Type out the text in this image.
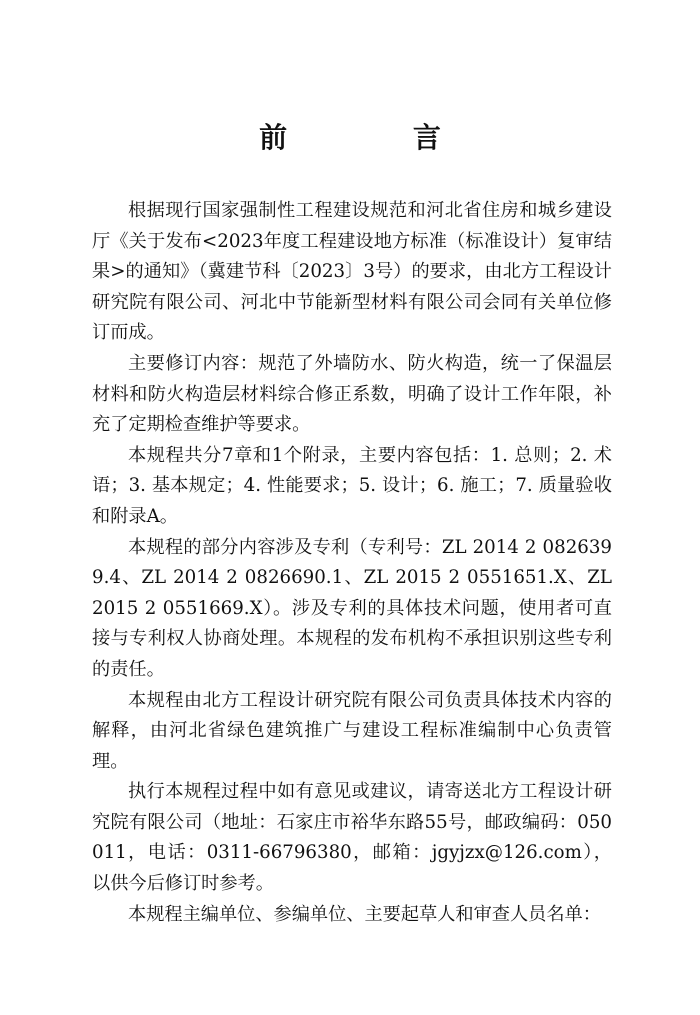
前 言

根据现行国家强制性工程建设规范和河北省住房和城乡建设厅《关于发布<2023年度工程建设地方标准（标准设计）复审结果>的通知》（冀建节科〔2023〕3号）的要求，由北方工程设计研究院有限公司、河北中节能新型材料有限公司会同有关单位修订而成。

主要修订内容：规范了外墙防水、防火构造，统一了保温层材料和防火构造层材料综合修正系数，明确了设计工作年限，补充了定期检查维护等要求。

本规程共分7章和1个附录，主要内容包括：1. 总则；2. 术语；3. 基本规定；4. 性能要求；5. 设计；6. 施工；7. 质量验收和附录A。

本规程的部分内容涉及专利（专利号：ZL 2014 2 0826399.4、ZL 2014 2 0826690.1、ZL 2015 2 0551651.X、ZL 2015 2 0551669.X）。涉及专利的具体技术问题，使用者可直接与专利权人协商处理。本规程的发布机构不承担识别这些专利的责任。

本规程由北方工程设计研究院有限公司负责具体技术内容的解释，由河北省绿色建筑推广与建设工程标准编制中心负责管理。

执行本规程过程中如有意见或建议，请寄送北方工程设计研究院有限公司（地址：石家庄市裕华东路55号，邮政编码：050011，电话：0311-66796380，邮箱：jgyjzx@126.com），以供今后修订时参考。

本规程主编单位、参编单位、主要起草人和审查人员名单：
